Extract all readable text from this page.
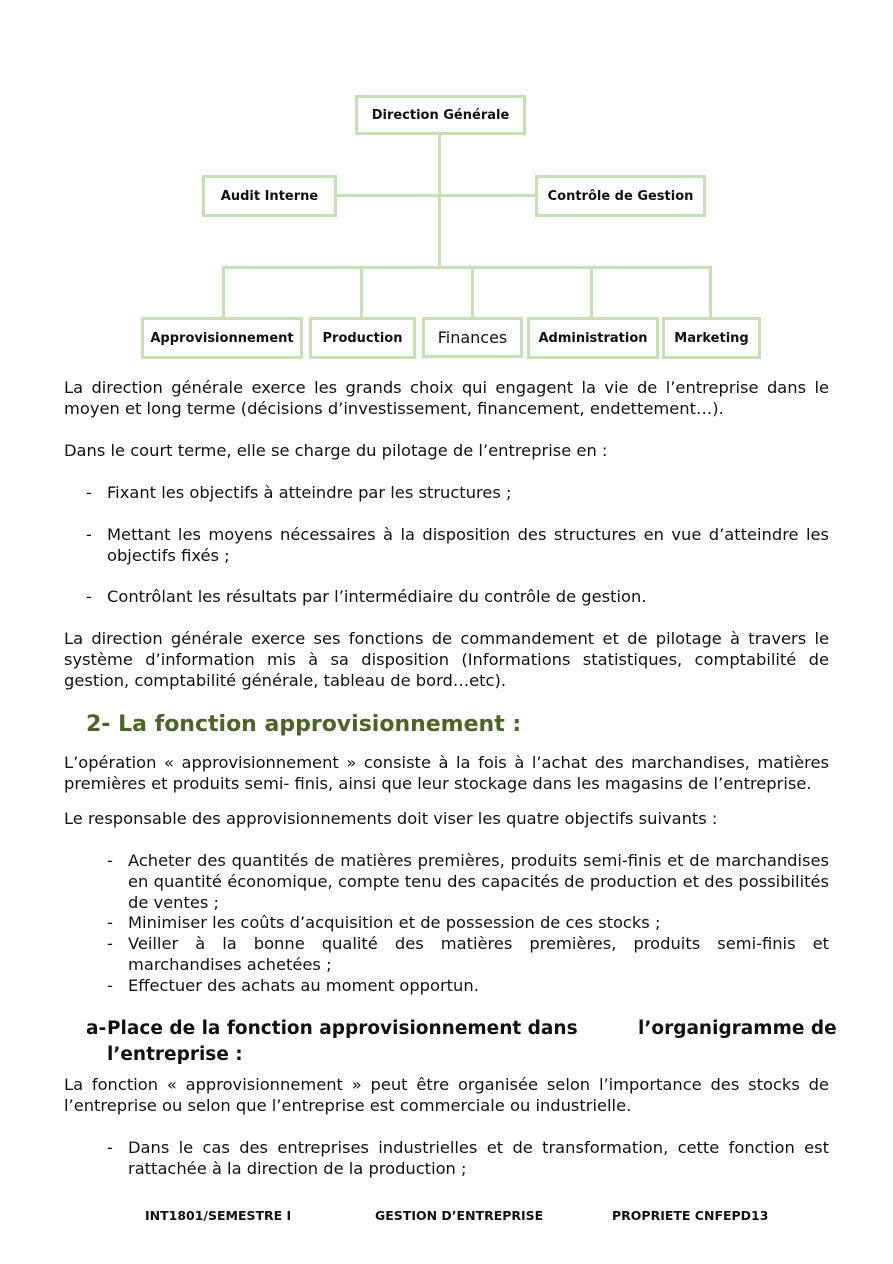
Direction Générale
Audit Interne	Contrôle de Gestion
Approvisionnement	Production	Finances	Administration	Marketing
La direction générale exerce les grands choix qui engagent la vie de l’entreprise dans le moyen et long terme (décisions d’investissement, financement, endettement…).
Dans le court terme, elle se charge du pilotage de l’entreprise en :
- Fixant les objectifs à atteindre par les structures ;
- Mettant les moyens nécessaires à la disposition des structures en vue d’atteindre les objectifs fixés ;
- Contrôlant les résultats par l’intermédiaire du contrôle de gestion.
La direction générale exerce ses fonctions de commandement et de pilotage à travers le système d’information mis à sa disposition (Informations statistiques, comptabilité de gestion, comptabilité générale, tableau de bord…etc).
2- La fonction approvisionnement :
L’opération « approvisionnement » consiste à la fois à l’achat des marchandises, matières premières et produits semi- finis, ainsi que leur stockage dans les magasins de l’entreprise.
Le responsable des approvisionnements doit viser les quatre objectifs suivants :
- Acheter des quantités de matières premières, produits semi-finis et de marchandises en quantité économique, compte tenu des capacités de production et des possibilités de ventes ;
- Minimiser les coûts d’acquisition et de possession de ces stocks ;
- Veiller à la bonne qualité des matières premières, produits semi-finis et marchandises achetées ;
- Effectuer des achats au moment opportun.
a- Place de la fonction approvisionnement dans	l’organigramme de
l’entreprise :
La fonction « approvisionnement » peut être organisée selon l’importance des stocks de l’entreprise ou selon que l’entreprise est commerciale ou industrielle.
- Dans le cas des entreprises industrielles et de transformation, cette fonction est rattachée à la direction de la production ;
INT1801/SEMESTRE I	GESTION D’ENTREPRISE	PROPRIETE CNFEPD 13
